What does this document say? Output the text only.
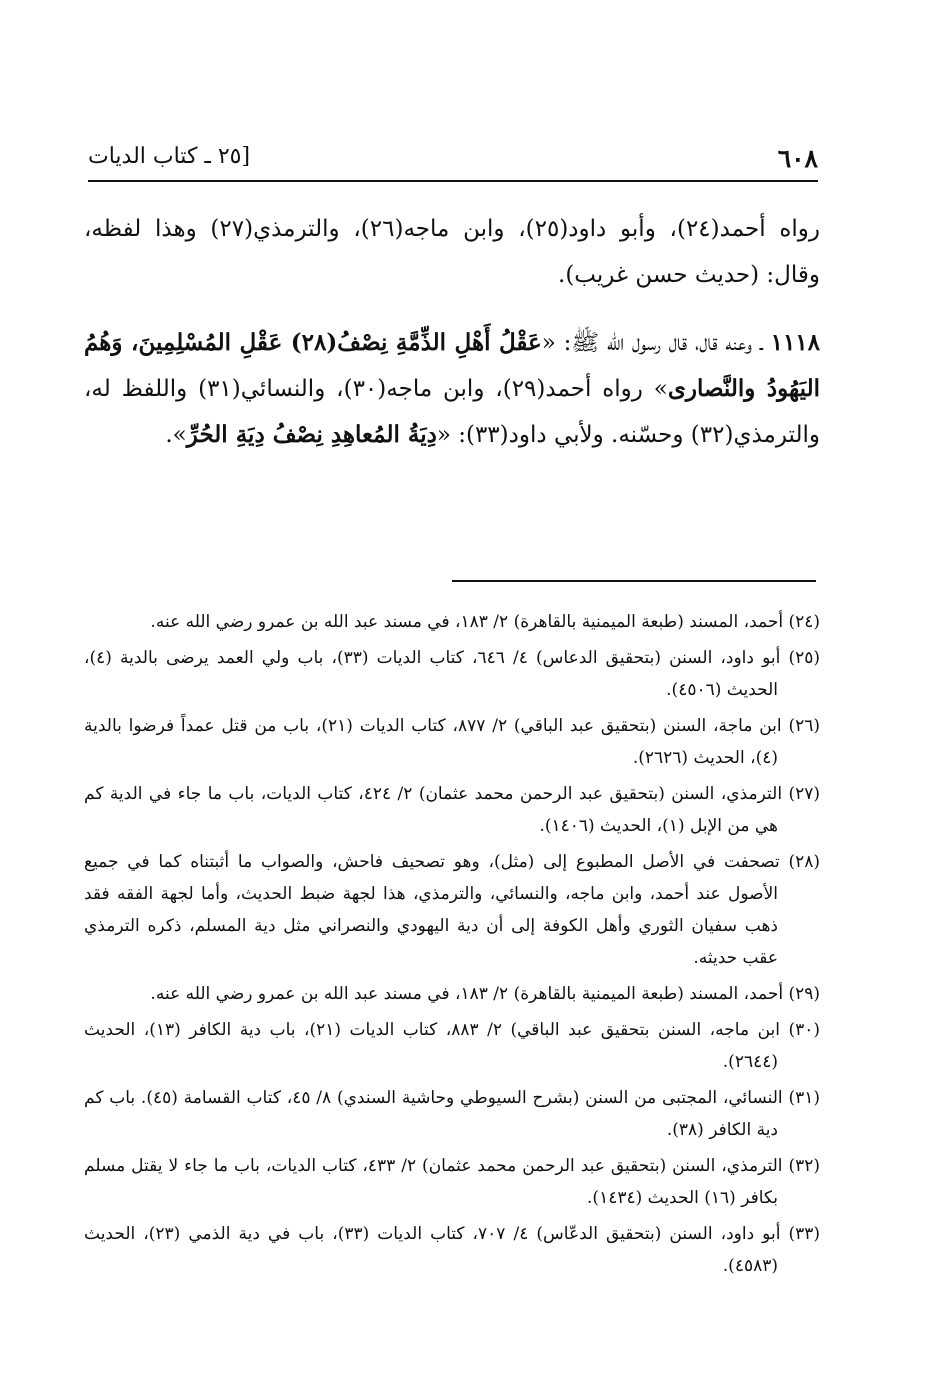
٦٠٨
[٢٥ ـ كتاب الديات

رواه أحمد(٢٤)، وأبو داود(٢٥)، وابن ماجه(٢٦)، والترمذي(٢٧) وهذا لفظه، وقال: (حديث حسن غريب).

١١١٨ ـ وعنه قال، قال رسول الله ﷺ: «عَقْلُ أَهْلِ الذِّمَّةِ نِصْفُ(٢٨) عَقْلِ المُسْلِمِينَ، وَهُمُ اليَهُودُ والنَّصارى» رواه أحمد(٢٩)، وابن ماجه(٣٠)، والنسائي(٣١) واللفظ له، والترمذي(٣٢) وحسّنه. ولأبي داود(٣٣): «دِيَةُ المُعاهِدِ نِصْفُ دِيَةِ الحُرِّ».

(٢٤) أحمد، المسند (طبعة الميمنية بالقاهرة) ٢/ ١٨٣، في مسند عبد الله بن عمرو رضي الله عنه.

(٢٥) أبو داود، السنن (بتحقيق الدعاس) ٤/ ٦٤٦، كتاب الديات (٣٣)، باب ولي العمد يرضى بالدية (٤)، الحديث (٤٥٠٦).

(٢٦) ابن ماجة، السنن (بتحقيق عبد الباقي) ٢/ ٨٧٧، كتاب الديات (٢١)، باب من قتل عمداً فرضوا بالدية (٤)، الحديث (٢٦٢٦).

(٢٧) الترمذي، السنن (بتحقيق عبد الرحمن محمد عثمان) ٢/ ٤٢٤، كتاب الديات، باب ما جاء في الدية كم هي من الإبل (١)، الحديث (١٤٠٦).

(٢٨) تصحفت في الأصل المطبوع إلى (مثل)، وهو تصحيف فاحش، والصواب ما أثبتناه كما في جميع الأصول عند أحمد، وابن ماجه، والنسائي، والترمذي، هذا لجهة ضبط الحديث، وأما لجهة الفقه فقد ذهب سفيان الثوري وأهل الكوفة إلى أن دية اليهودي والنصراني مثل دية المسلم، ذكره الترمذي عقب حديثه.

(٢٩) أحمد، المسند (طبعة الميمنية بالقاهرة) ٢/ ١٨٣، في مسند عبد الله بن عمرو رضي الله عنه.

(٣٠) ابن ماجه، السنن بتحقيق عبد الباقي) ٢/ ٨٨٣، كتاب الديات (٢١)، باب دية الكافر (١٣)، الحديث (٢٦٤٤).

(٣١) النسائي، المجتبى من السنن (بشرح السيوطي وحاشية السندي) ٨/ ٤٥، كتاب القسامة (٤٥). باب كم دية الكافر (٣٨).

(٣٢) الترمذي، السنن (بتحقيق عبد الرحمن محمد عثمان) ٢/ ٤٣٣، كتاب الديات، باب ما جاء لا يقتل مسلم بكافر (١٦) الحديث (١٤٣٤).

(٣٣) أبو داود، السنن (بتحقيق الدعّاس) ٤/ ٧٠٧، كتاب الديات (٣٣)، باب في دية الذمي (٢٣)، الحديث (٤٥٨٣).
